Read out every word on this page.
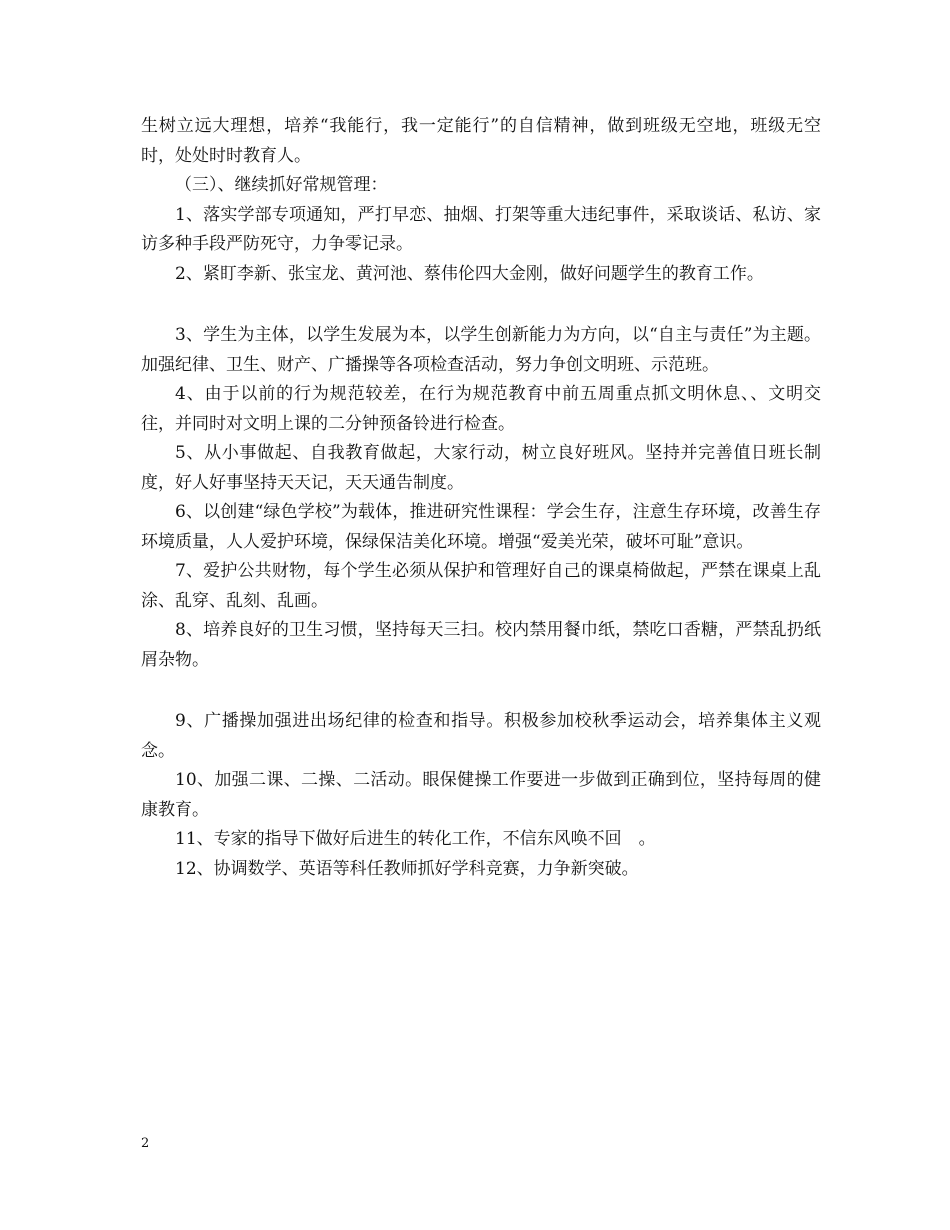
生树立远大理想，培养“我能行，我一定能行”的自信精神，做到班级无空地，班级无空时，处处时时教育人。

（三）、继续抓好常规管理：

1、落实学部专项通知，严打早恋、抽烟、打架等重大违纪事件，采取谈话、私访、家访多种手段严防死守，力争零记录。

2、紧盯李新、张宝龙、黄河池、蔡伟伦四大金刚，做好问题学生的教育工作。

3、学生为主体，以学生发展为本，以学生创新能力为方向，以“自主与责任”为主题。加强纪律、卫生、财产、广播操等各项检查活动，努力争创文明班、示范班。

4、由于以前的行为规范较差，在行为规范教育中前五周重点抓文明休息、、文明交往，并同时对文明上课的二分钟预备铃进行检查。

5、从小事做起、自我教育做起，大家行动，树立良好班风。坚持并完善值日班长制度，好人好事坚持天天记，天天通告制度。

6、以创建“绿色学校”为载体，推进研究性课程：学会生存，注意生存环境，改善生存环境质量，人人爱护环境，保绿保洁美化环境。增强“爱美光荣，破坏可耻”意识。

7、爱护公共财物，每个学生必须从保护和管理好自己的课桌椅做起，严禁在课桌上乱涂、乱穿、乱刻、乱画。

8、培养良好的卫生习惯，坚持每天三扫。校内禁用餐巾纸，禁吃口香糖，严禁乱扔纸屑杂物。

9、广播操加强进出场纪律的检查和指导。积极参加校秋季运动会，培养集体主义观念。

10、加强二课、二操、二活动。眼保健操工作要进一步做到正确到位，坚持每周的健康教育。

11、专家的指导下做好后进生的转化工作，不信东风唤不回　。

12、协调数学、英语等科任教师抓好学科竞赛，力争新突破。

2
